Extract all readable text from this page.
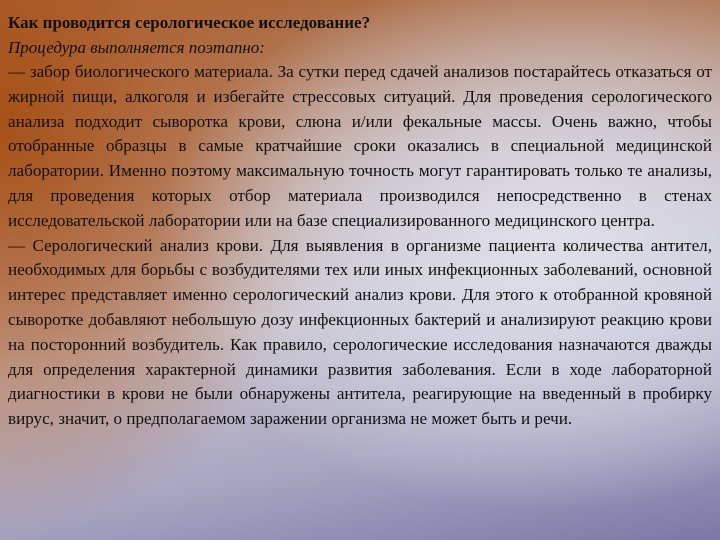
Как проводится серологическое исследование?

Процедура выполняется поэтапно:

— забор биологического материала. За сутки перед сдачей анализов постарайтесь отказаться от жирной пищи, алкоголя и избегайте стрессовых ситуаций. Для проведения серологического анализа подходит сыворотка крови, слюна и/или фекальные массы. Очень важно, чтобы отобранные образцы в самые кратчайшие сроки оказались в специальной медицинской лаборатории. Именно поэтому максимальную точность могут гарантировать только те анализы, для проведения которых отбор материала производился непосредственно в стенах исследовательской лаборатории или на базе специализированного медицинского центра.

— Серологический анализ крови. Для выявления в организме пациента количества антител, необходимых для борьбы с возбудителями тех или иных инфекционных заболеваний, основной интерес представляет именно серологический анализ крови. Для этого к отобранной кровяной сыворотке добавляют небольшую дозу инфекционных бактерий и анализируют реакцию крови на посторонний возбудитель. Как правило, серологические исследования назначаются дважды для определения характерной динамики развития заболевания. Если в ходе лабораторной диагностики в крови не были обнаружены антитела, реагирующие на введенный в пробирку вирус, значит, о предполагаемом заражении организма не может быть и речи.
